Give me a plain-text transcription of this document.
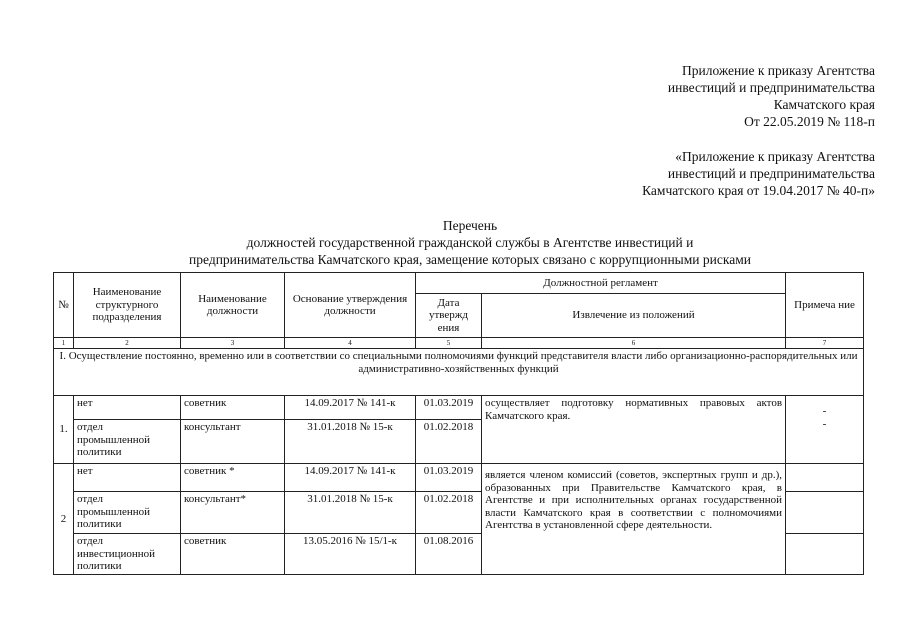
Приложение к приказу Агентства
инвестиций и предпринимательства
Камчатского края
От 22.05.2019 № 118-п
«Приложение к приказу Агентства
инвестиций и предпринимательства
Камчатского края от 19.04.2017 № 40-п»
Перечень
должностей государственной гражданской службы в Агентстве инвестиций и
предпринимательства Камчатского края, замещение которых связано с коррупционными рисками
№	Наименование структурного подразделения	Наименование должности	Основание утверждения должности	Должностной регламент		Примеча ние
				Дата утвержд ения	Извлечение из положений	
1	2	3	4	5	6	7
I. Осуществление постоянно, временно или в соответствии со специальными полномочиями функций представителя власти либо организационно-распорядительных или административно-хозяйственных функций						
1.	нет	советник	14.09.2017 № 141-к	01.03.2019	осуществляет подготовку нормативных правовых актов Камчатского края.	-
-

	отдел промышленной политики	консультант	31.01.2018 № 15-к	01.02.2018		
2	нет	советник *	14.09.2017 № 141-к	01.03.2019	является членом комиссий (советов, экспертных групп и др.), образованных при Правительстве Камчатского края, в Агентстве и при исполнительных органах государственной власти Камчатского края в соответствии с полномочиями Агентства в установленной сфере деятельности.	
	отдел промышленной политики	консультант*	31.01.2018 № 15-к	01.02.2018		
	отдел инвестиционной политики	советник	13.05.2016 № 15/1-к	01.08.2016		
